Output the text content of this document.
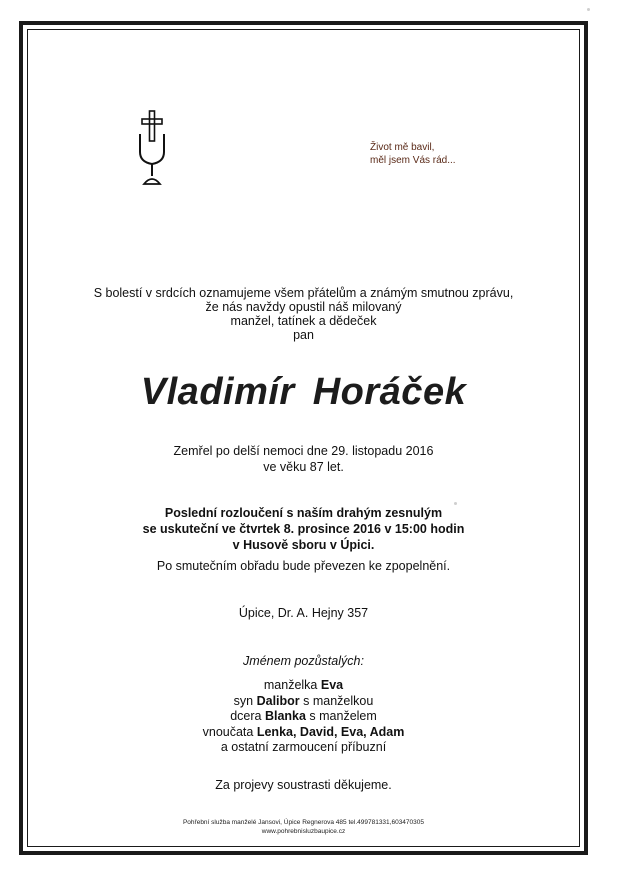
Život mě bavil,
měl jsem Vás rád...
S bolestí v srdcích oznamujeme všem přátelům a známým smutnou zprávu,
že nás navždy opustil náš milovaný
manžel, tatínek a dědeček
pan
Vladimír Horáček
Zemřel po delší nemoci dne 29. listopadu 2016
ve věku 87 let.
Poslední rozloučení s naším drahým zesnulým
se uskuteční ve čtvrtek 8. prosince 2016 v 15:00 hodin
v Husově sboru v Úpici.
Po smutečním obřadu bude převezen ke zpopelnění.
Úpice, Dr. A. Hejny 357
Jménem pozůstalých:
manželka Eva
syn Dalibor s manželkou
dcera Blanka s manželem
vnoučata Lenka, David, Eva, Adam
a ostatní zarmoucení příbuzní
Za projevy soustrasti děkujeme.
Pohřební služba manželé Jansovi, Úpice Regnerova 485 tel.499781331,603470305
www.pohrebnisluzbaupice.cz
